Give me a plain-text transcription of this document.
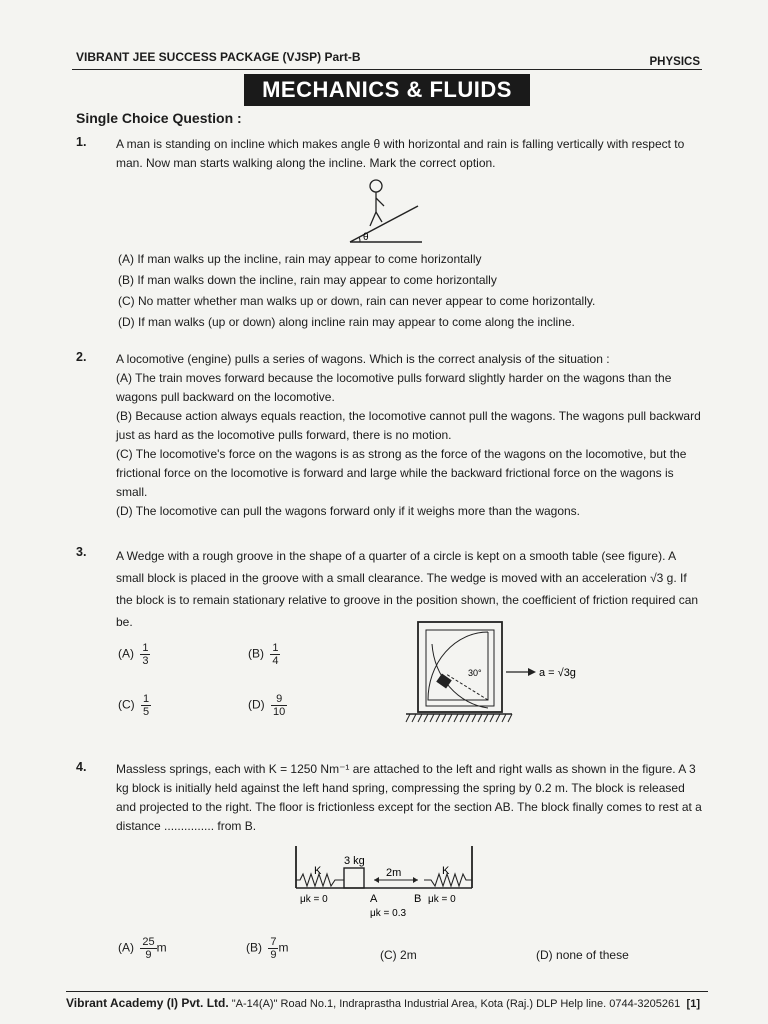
VIBRANT JEE SUCCESS PACKAGE (VJSP) Part-B	PHYSICS
MECHANICS & FLUIDS
Single Choice Question :
1. A man is standing on incline which makes angle θ with horizontal and rain is falling vertically with respect to man. Now man starts walking along the incline. Mark the correct option.
θ
(A) If man walks up the incline, rain may appear to come horizontally
(B) If man walks down the incline, rain may appear to come horizontally
(C) No matter whether man walks up or down, rain can never appear to come horizontally.
(D) If man walks (up or down) along incline rain may appear to come along the incline.
2. A locomotive (engine) pulls a series of wagons. Which is the correct analysis of the situation :
(A) The train moves forward because the locomotive pulls forward slightly harder on the wagons than the wagons pull backward on the locomotive.
(B) Because action always equals reaction, the locomotive cannot pull the wagons. The wagons pull backward just as hard as the locomotive pulls forward, there is no motion.
(C) The locomotive's force on the wagons is as strong as the force of the wagons on the locomotive, but the frictional force on the locomotive is forward and large while the backward frictional force on the wagons is small.
(D) The locomotive can pull the wagons forward only if it weighs more than the wagons.
3. A Wedge with a rough groove in the shape of a quarter of a circle is kept on a smooth table (see figure). A small block is placed in the groove with a small clearance. The wedge is moved with an acceleration √3 g. If the block is to remain stationary relative to groove in the position shown, the coefficient of friction required can be.
$(A) \frac{1}{3}$	$(B) \frac{1}{4}$
$(C) \frac{1}{5}$	$(D) \frac{9}{10}$
30°	a = √3g
4. Massless springs, each with K = 1250 Nm⁻¹ are attached to the left and right walls as shown in the figure. A 3 kg block is initially held against the left hand spring, compressing the spring by 0.2 m. The block is released and projected to the right. The floor is frictionless except for the section AB. The block finally comes to rest at a distance ............... from B.
3 kg
K	K
2m
A	B
μk = 0
μk = 0.3
μk = 0
$(A) \frac{25}{9}$ m	$(B) \frac{7}{9}$ m
(C) 2m	(D) none of these
Vibrant Academy (I) Pvt. Ltd. "A-14(A)" Road No.1, Indraprastha Industrial Area, Kota (Raj.) DLP Help line. 0744-3205261 [1]
